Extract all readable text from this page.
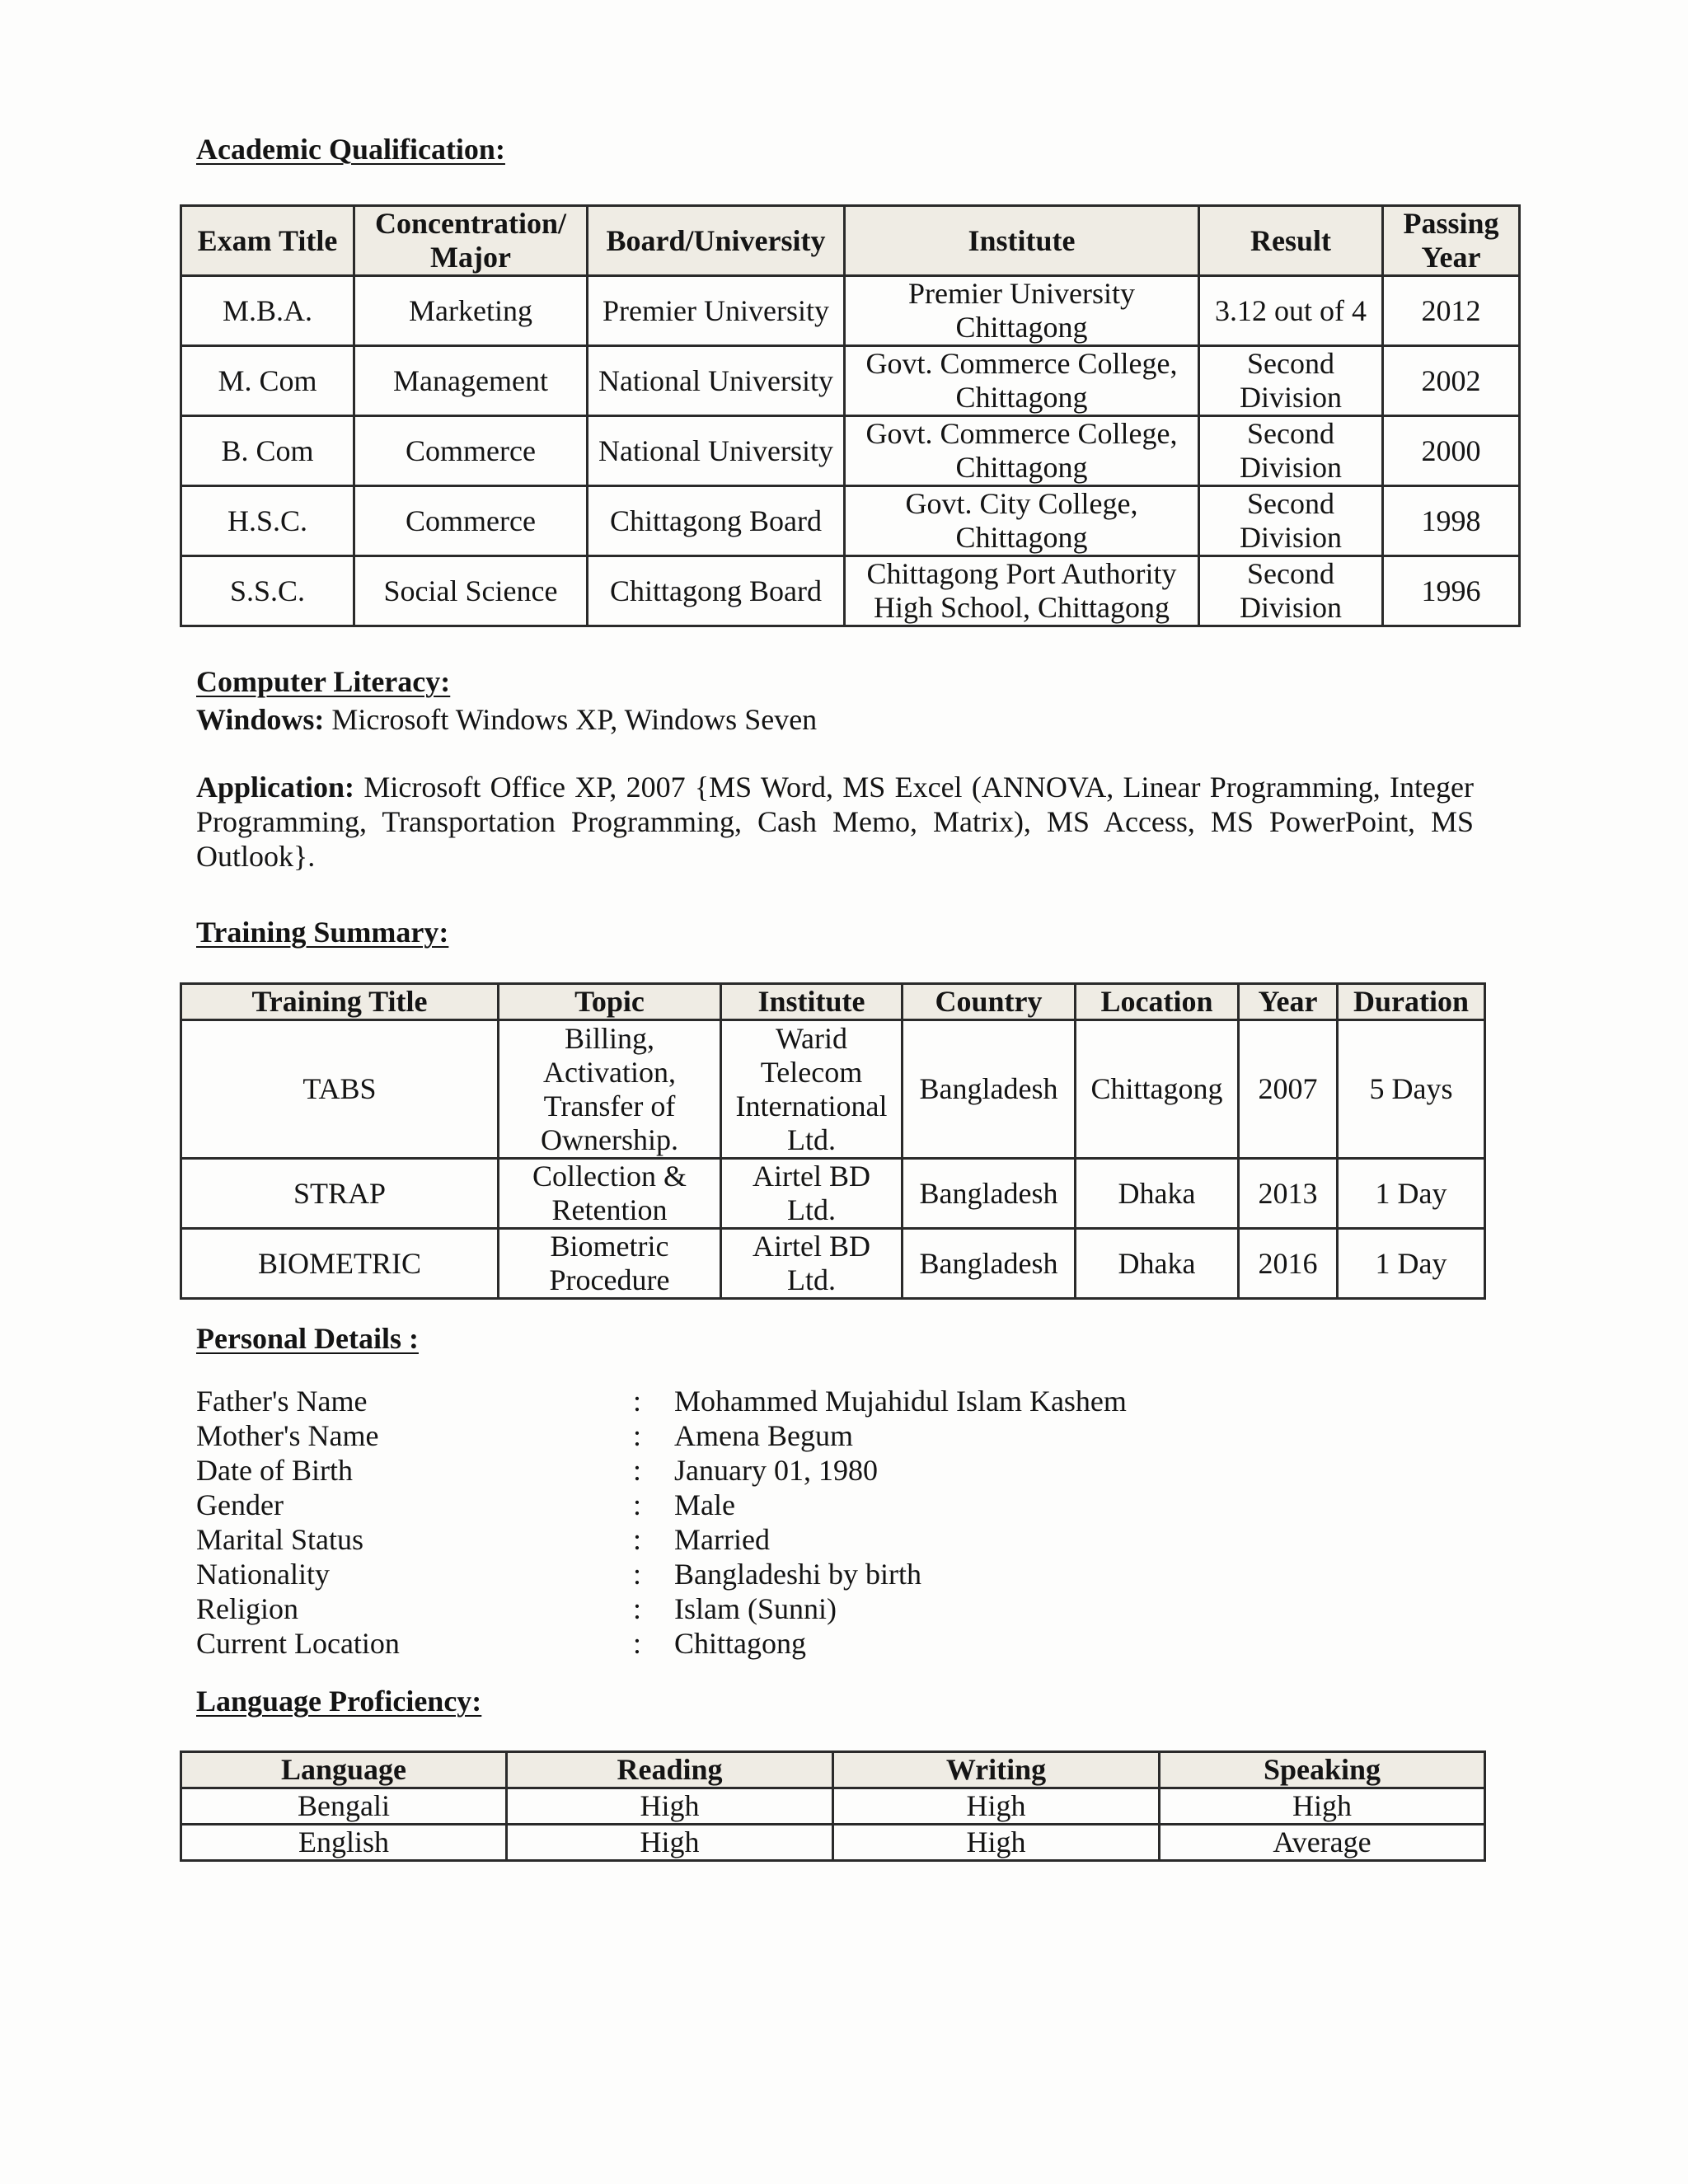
Academic Qualification:
Exam Title	Concentration/ Major	Board/University	Institute	Result	Passing Year
M.B.A.	Marketing	Premier University	Premier University Chittagong	3.12 out of 4	2012
M. Com	Management	National University	Govt. Commerce College, Chittagong	Second Division	2002
B. Com	Commerce	National University	Govt. Commerce College, Chittagong	Second Division	2000
H.S.C.	Commerce	Chittagong Board	Govt. City College, Chittagong	Second Division	1998
S.S.C.	Social Science	Chittagong Board	Chittagong Port Authority High School, Chittagong	Second Division	1996
Computer Literacy:

Windows: Microsoft Windows XP, Windows Seven

Application: Microsoft Office XP, 2007 {MS Word, MS Excel (ANNOVA, Linear Programming, Integer Programming, Transportation Programming, Cash Memo, Matrix), MS Access, MS PowerPoint, MS Outlook}.

Training Summary:
Training Title	Topic	Institute	Country	Location	Year	Duration
TABS	Billing, Activation, Transfer of Ownership.	Warid Telecom International Ltd.	Bangladesh	Chittagong	2007	5 Days
STRAP	Collection & Retention	Airtel BD Ltd.	Bangladesh	Dhaka	2013	1 Day
BIOMETRIC	Biometric Procedure	Airtel BD Ltd.	Bangladesh	Dhaka	2016	1 Day
Personal Details :
Father's Name	: Mohammed Mujahidul Islam Kashem
Mother's Name	: Amena Begum
Date of Birth	: January 01, 1980
Gender	: Male
Marital Status	: Married
Nationality	: Bangladeshi by birth
Religion	: Islam (Sunni)
Current Location	: Chittagong
Language Proficiency:
Language	Reading	Writing	Speaking
Bengali	High	High	High
English	High	High	Average
